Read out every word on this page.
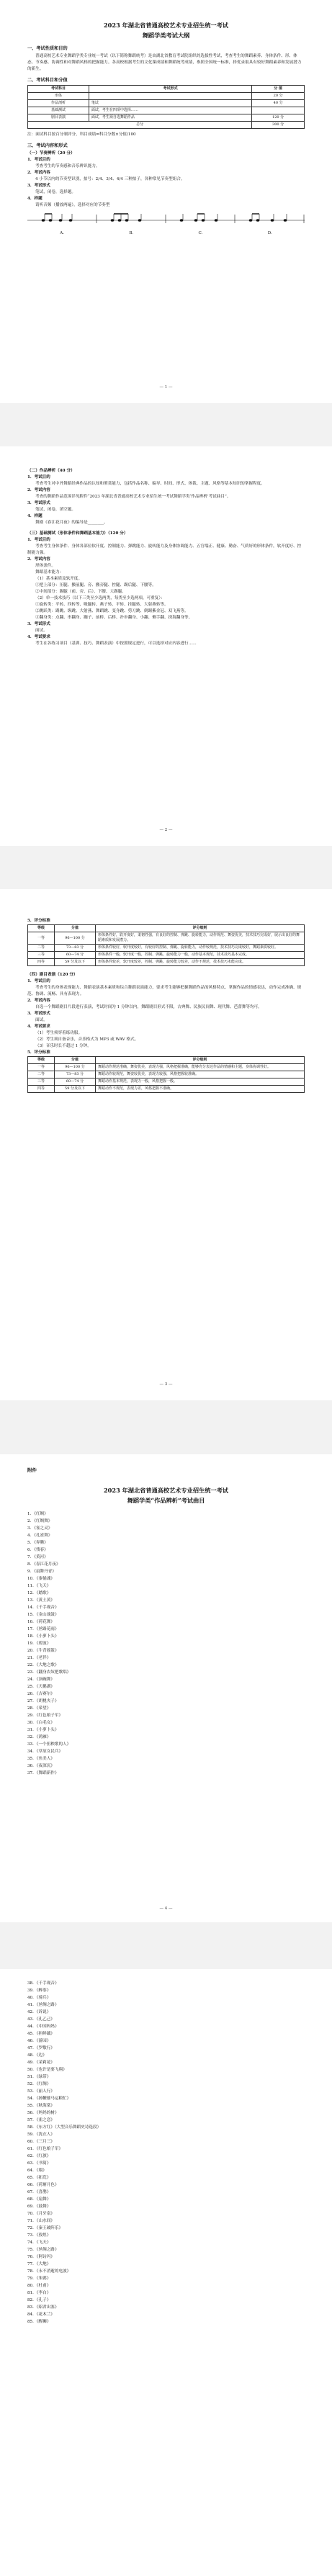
2023 年湖北省普通高校艺术专业招生统一考试

舞蹈学类考试大纲

一、考试性质和目的

普通高校艺术专业舞蹈学类专业统一考试（以下简称舞蹈统考）是由湖北省教育考试院组织的选拔性考试，考查考生的舞蹈素养、身体条件、形、体态、节奏感、协调性和对舞蹈风格的把握能力。各高校根据考生的文化课成绩和舞蹈统考成绩，参照全国统一标准，择优录取具有较好舞蹈素养和发展潜力的新生。

二、考试科目和分值

考试科目	考试形式	分 值
形体		20 分
作品剖析	笔试	40 分
基础测试	面试，考生在四项中选择……	
剧目表演	面试，考生须自选舞蹈作品	120 分
总分		300 分

注：面试科目按百分制评分，科目成绩=科目分数×分值/100

三、考试内容和形式

（一）节奏辨听（20 分）

1．考试目的

考查考生的节奏感和音乐辨识能力。

2．考试内容

4 小节以内的节奏型识别，拍号：2/4、3/4、4/4 三种拍子，各种常见节奏型组合。

3．考试形式

笔试，闭卷，选择题。

4．样题

请听音频（播放两遍），选择对应的节奏型

A.	B.	C.	D.
— 1 —

（二）作品辨析（40 分）

1．考试目的

考查考生对中外舞蹈经典作品的认知和鉴赏能力，包括作品名称、编导、时间、形式、体裁、主题、风格等基本知识的掌握程度。

2．考试内容

考查的舞蹈作品范围详见附件“2023 年湖北省普通高校艺术专业招生统一考试舞蹈学类‘作品辨析’考试曲目”。

3．考试形式

笔试，闭卷，填空题。

4．样题

舞剧《春江花月夜》的编导是________。

（三）基础测试（形体条件和舞蹈基本能力）（120 分）

1．考试目的

考查考生身体条件、身体各部位软开度、控制能力、弹跳能力、旋转能力及身体协调能力、五官端正、健康、勤奋、气质好的形体条件，软开度好、控制能力强。

2．考试内容

形体条件。

舞蹈基本能力：

（1）基本素质及软开度。

①把上部分：压腿、搬前腿、旁、搬旁腿、控腿、踢后腿、下腰等。

②中间部分：踢腿（前、旁、后）、下腰、大踢腿。

（2）单一技术技巧（以下三类至少选两类，每类至少选两项，可重复）：

①旋转类：平转、四转等、吸腿转、燕子转、平转、挂腿转、大射燕转等。

②跳跃类：踢跳、纵跳、大射燕、舞蹈跳、变身跳、剪刀跳、倒踢紫金冠、双飞燕等。

③翻身类：点翻、串翻身、蹦子、前桥、后桥、扑步翻身、小翻、侧手翻、探海翻身等。

3．考试形式

面试。

4．考试要求

考生在各练习项目（基训、技巧、舞蹈表演）中按照规定进行，可以选择对应内容进行……

— 2 —

5．评分标准

等级	分值	评分细则
一等	96—100 分	形体条件好，软开度好，柔韧性强，有良好的控制、弹跳、旋转能力，动作规范、舞姿优美，技术技巧完成好，展示出良好的舞蹈素质和发展潜力。
二等	73—83 分	形体条件较好，软开度较好，有较好的控制、弹跳、旋转能力，动作较规范，技术技巧完成较好，舞蹈素质较好。
三等	60—74 分	形体条件一般，软开度一般，控制、弹跳、旋转能力一般，动作基本规范，技术技巧基本完成。
四等	59 分及以下	形体条件较差，软开度较差，控制、弹跳、旋转能力较差，动作不规范，技术技巧未能完成。

（四）剧目表演（120 分）

1．考试目的

考查考生的身体表现能力、舞蹈表演基本素质和综合舞蹈表演能力，要求考生能够把握舞蹈作品的风格特点、掌握作品的情感表达，动作完成准确、规范、协调、流畅、具有表现力。

2．考试内容

自选一个舞蹈剧目片段进行表演，考试时间为 1 分钟以内，舞蹈剧目形式不限，古典舞、民族民间舞、现代舞、芭蕾舞等均可。

3．考试形式

面试。

4．考试要求

（1）考生须穿着练功服。

（2）考生须自备音乐，音乐格式为 MP3 或 WAV 格式。

（3）音乐时长不超过 1 分钟。

5．评分标准

等级	分值	评分细则
一等	96—100 分	舞蹈动作规范准确，舞姿优美，表现力强，风格把握准确，能够充分表达作品的情感和主题，身体协调性好。
二等	73—83 分	舞蹈动作较规范，舞姿较优美，表现力较强，风格把握较准确。
三等	60—74 分	舞蹈动作基本规范，表现力一般，风格把握一般。
四等	59 分及以下	舞蹈动作不规范，表现力差，风格把握不准确。
— 3 —

附件

2023 年湖北省普通高校艺术专业招生统一考试

舞蹈学类“作品辨析”考试曲目

1．《红绸》

2．《红绸舞》

3．《雀之灵》

4．《孔雀舞》

5．《奔腾》

6．《残春》

7．《黄河》

8．《春江花月夜》

9．《扇舞丹青》

10．《秦俑魂》

11．《飞天》

12．《踏歌》

13．《黄土黄》

14．《千手观音》

15．《金山战鼓》

16．《荷花舞》

17．《丝路花雨》

18．《小萝卜头》

19．《碧波》

20．《牛背摇篮》

21．《老伴》

22．《大地之歌》

23．《翻身农奴把歌唱》

24．《顶碗舞》

25．《天鹅湖》

26．《吉赛尔》

27．《胡桃夹子》

28．《希望》

29．《红色娘子军》

30．《白毛女》

31．《小萝卜头》

32．《鸿雁》

33．《一个扭秧歌的人》

34．《草原女民兵》

35．《鱼美人》

36．《夜深沉》

37．《舞蹈新作》

— 4 —

38．《千手观音》

39．《醉茶》

40．《骑兵》

41．《丝绸之路》

42．《诉说》

43．《孔乙己》

44．《中国妈妈》

45．《担鲜藕》

46．《游园》

47．《罗敷行》

48．《边》

49．《茉莉花》

50．《也许是要飞翔》

51．《绿带》

52．《红绸》

53．《丽人行》

54．《扬鞭催马运粮忙》

55．《秋海棠》

56．《妈妈的树》

57．《雀之恋》

58．《东方红》（大型音乐舞蹈史诗选段）

59．《洗衣人》

60．《三月三》

61．《红色娘子军》

62．《红旗》

63．《书简》

64．《翔》

65．《拓荒》

66．《荷塘月色》

67．《喜鹊》

68．《扇舞》

69．《鼓舞》

70．《月牙泉》

71．《山水间》

72．《秦王破阵乐》

73．《敦煌》

74．《飞天》

75．《丝绸之路》

76．《阿诗玛》

77．《大地》

78．《永不消逝的电波》

79．《朱鹮》

80．《杜甫》

81．《李白》

82．《孔子》

83．《昭君出塞》

84．《花木兰》

85．《醒狮》
